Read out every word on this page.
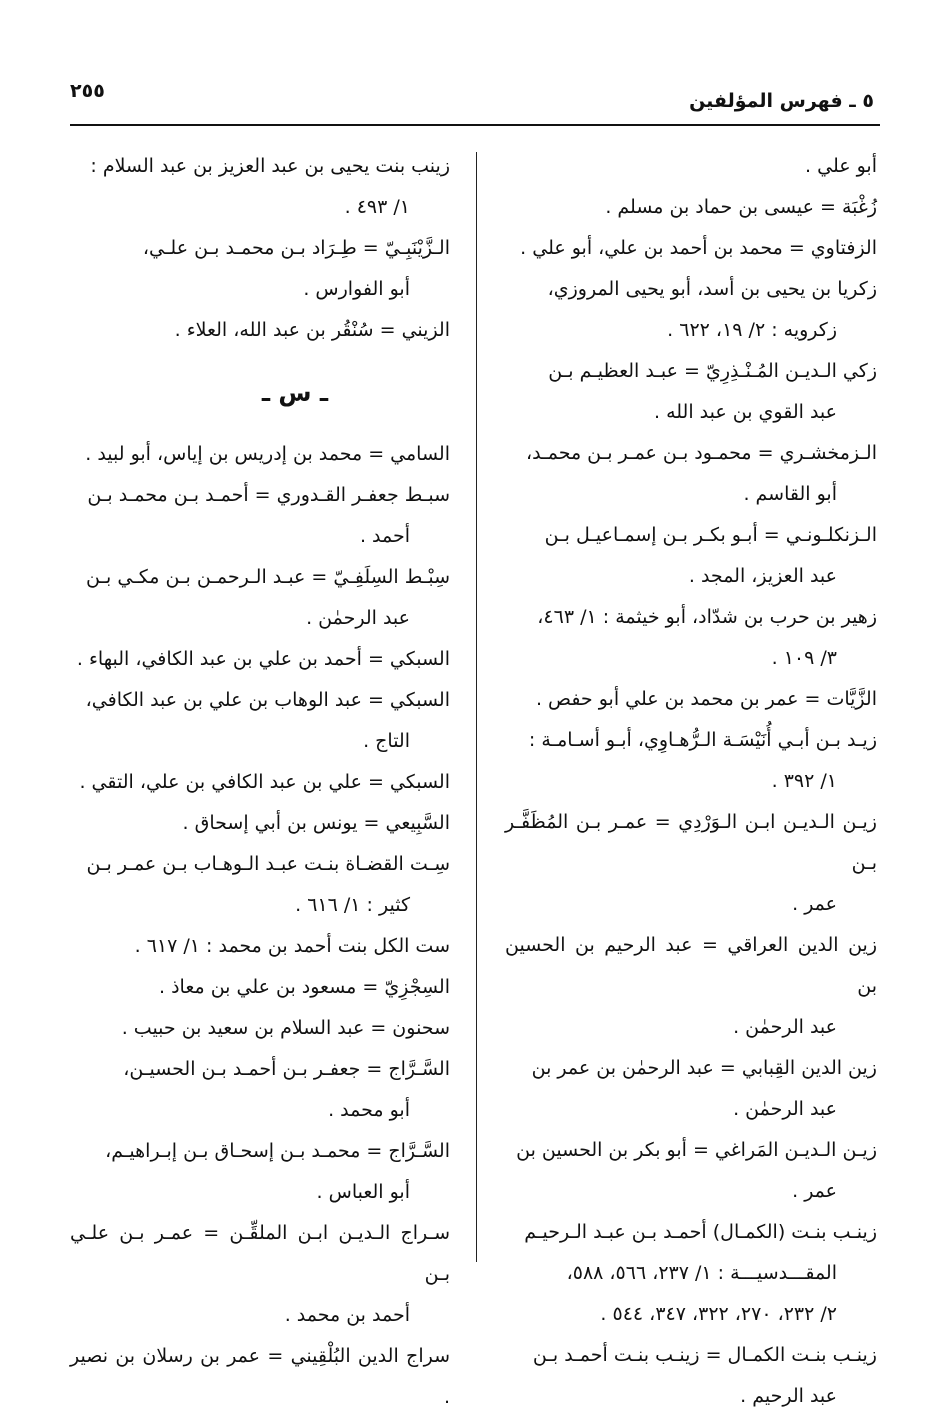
٢٥٥	٥ ـ فهرس المؤلفين
أبو علي .
زُغْبَة = عيسى بن حماد بن مسلم .
الزفتاوي = محمد بن أحمد بن علي، أبو علي .
زكريا بن يحيى بن أسد، أبو يحيى المروزي،
زكرويه : ٢/ ١٩، ٦٢٢ .
زكي الـديـن المُـنْـذِرِيّ = عبـد العظيـم بـن
عبد القوي بن عبد الله .
الـزمخشـري = محمـود بـن عمـر بـن محمـد،
أبو القاسم .
الـزنكلـونـي = أبـو بكـر بـن إسمـاعيـل بـن
عبد العزيز، المجد .
زهير بن حرب بن شدّاد، أبو خيثمة : ١/ ٤٦٣،
٣/ ١٠٩ .
الزَّيَّات = عمر بن محمد بن علي أبو حفص .
زيـد بـن أبـي أُنَيْسَـة الـرُّهـاوِي، أبـو أسـامـة :
١/ ٣٩٢ .
زيـن الـديـن ابـن الـوَرْدِي = عمـر بـن المُظَفَّـر بـن
عمر .
زين الدين العراقي = عبد الرحيم بن الحسين بن
عبد الرحمٰن .
زين الدين القِبابي = عبد الرحمٰن بن عمر بن
عبد الرحمٰن .
زيـن الـديـن المَراغي = أبو بكر بن الحسين بن
عمر .
زينـب بنـت (الكمـال) أحمـد بـن عبـد الـرحيـم
المقـــدسيـــة : ١/ ٢٣٧، ٥٦٦، ٥٨٨،
٢/ ٢٣٢، ٢٧٠، ٣٢٢، ٣٤٧، ٥٤٤ .
زينـب بنـت الكمـال = زينـب بنـت أحمـد بـن
عبد الرحيم .
زينب بنت يحيى بن عبد العزيز بن عبد السلام :
١/ ٤٩٣ .
الـزَّيْنَبِـيّ = طِـرَاد بـن محمـد بـن علـي،
أبو الفوارس .
الزيني = سُنْقُر بن عبد الله، العلاء .
ـ س ـ
السامي = محمد بن إدريس بن إياس، أبو لبيد .
سبـط جعفـر القـدوري = أحمـد بـن محمـد بـن
أحمد .
سِبْـط السِلَفِـيّ = عبـد الـرحمـن بـن مكـي بـن
عبد الرحمٰن .
السبكي = أحمد بن علي بن عبد الكافي، البهاء .
السبكي = عبد الوهاب بن علي بن عبد الكافي،
التاج .
السبكي = علي بن عبد الكافي بن علي، التقي .
السَّبِيعي = يونس بن أبي إسحاق .
سِـت القضـاة بنـت عبـد الـوهـاب بـن عمـر بـن
كثير : ١/ ٦١٦ .
ست الكل بنت أحمد بن محمد : ١/ ٦١٧ .
السِجْزِيّ = مسعود بن علي بن معاذ .
سحنون = عبد السلام بن سعيد بن حبيب .
السَّـرَّاج = جعفـر بـن أحمـد بـن الحسيـن،
أبو محمد .
السَّـرَّاج = محمـد بـن إسحـاق بـن إبـراهيـم،
أبو العباس .
سـراج الـديـن ابـن الملقِّـن = عمـر بـن علـي بـن
أحمد بن محمد .
سراج الدين البُلْقِيني = عمر بن رسلان بن نصير .
